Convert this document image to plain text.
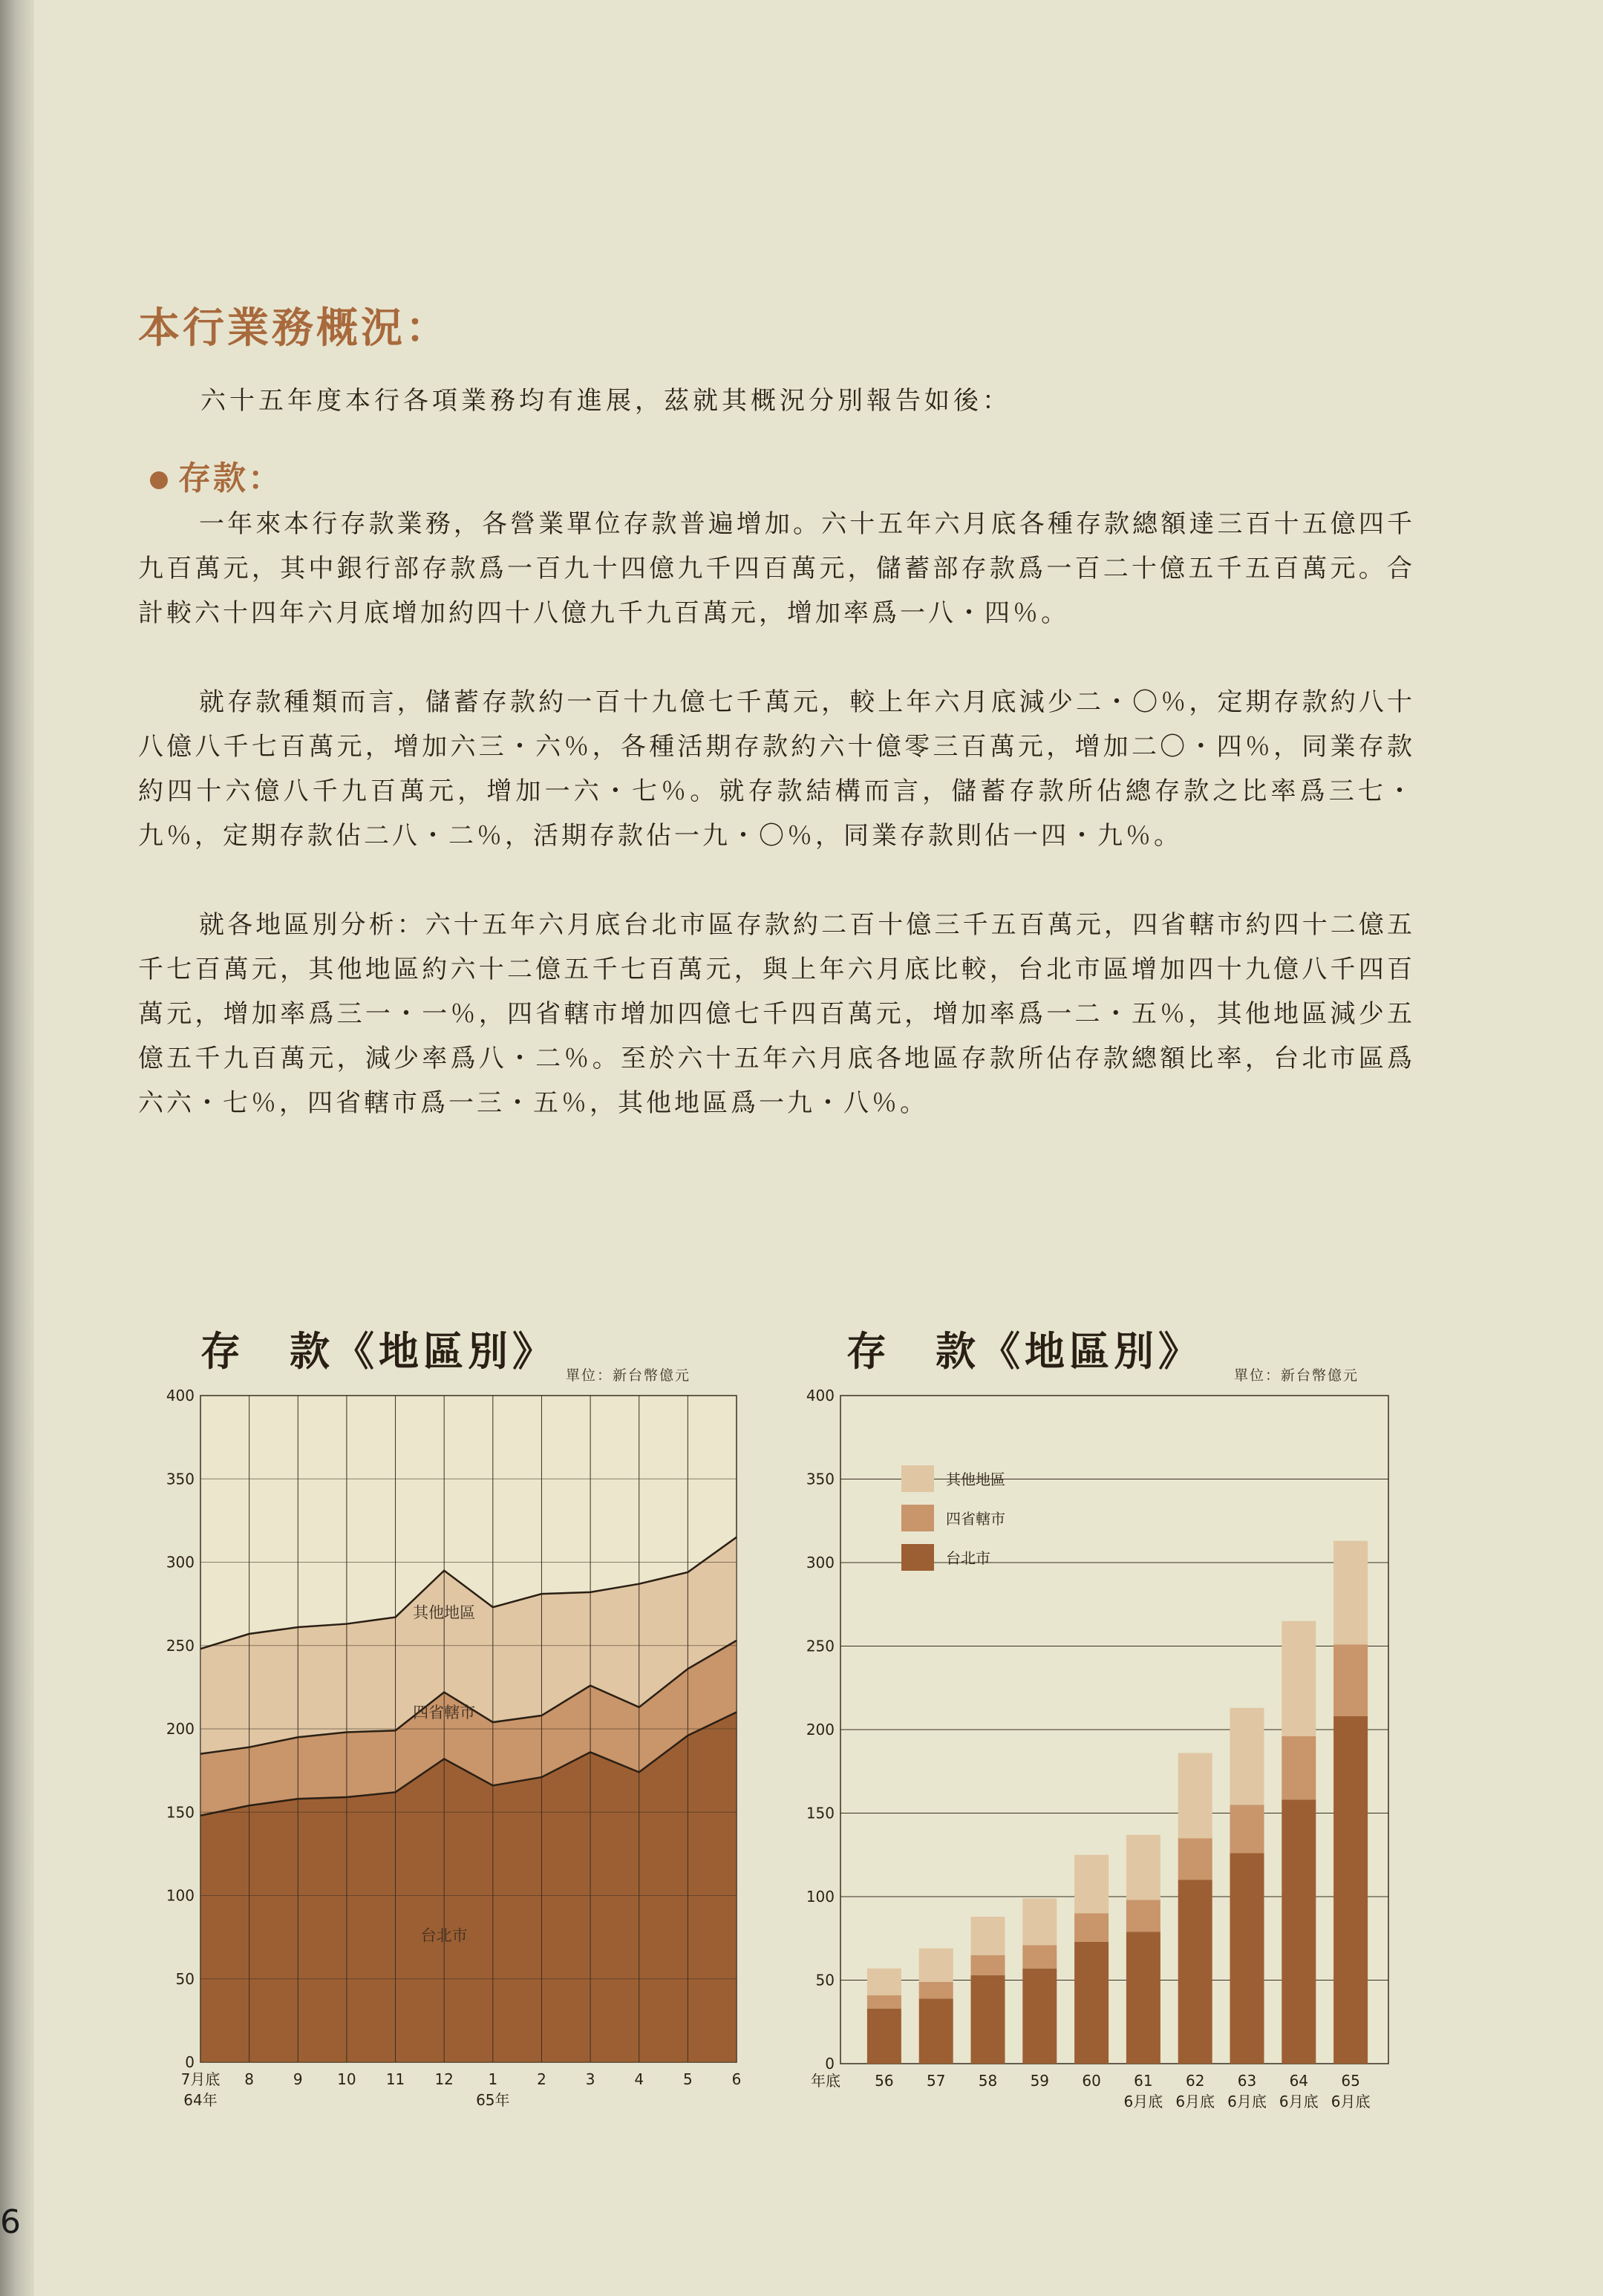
本行業務概況：
六十五年度本行各項業務均有進展，茲就其概況分別報告如後：
存款：

一年來本行存款業務，各營業單位存款普遍增加。六十五年六月底各種存款總額達三百十五億四千九百萬元，其中銀行部存款爲一百九十四億九千四百萬元，儲蓄部存款爲一百二十億五千五百萬元。合計較六十四年六月底增加約四十八億九千九百萬元，增加率爲一八・四％。

就存款種類而言，儲蓄存款約一百十九億七千萬元，較上年六月底減少二・〇％，定期存款約八十八億八千七百萬元，增加六三・六％，各種活期存款約六十億零三百萬元，增加二〇・四％，同業存款約四十六億八千九百萬元，增加一六・七％。就存款結構而言，儲蓄存款所佔總存款之比率爲三七・九％，定期存款佔二八・二％，活期存款佔一九・〇％，同業存款則佔一四・九％。

就各地區別分析：六十五年六月底台北市區存款約二百十億三千五百萬元，四省轄市約四十二億五千七百萬元，其他地區約六十二億五千七百萬元，與上年六月底比較，台北市區增加四十九億八千四百萬元，增加率爲三一・一％，四省轄市增加四億七千四百萬元，增加率爲一二・五％，其他地區減少五億五千九百萬元，減少率爲八・二％。至於六十五年六月底各地區存款所佔存款總額比率，台北市區爲六六・七％，四省轄市爲一三・五％，其他地區爲一九・八％。

存　款《地區別》
單位：新台幣億元
0
50
100
150
200
250
300
350
400
台北市
四省轄市
其他地區
7月底
64年
8	9 10 11 12 1
65年
2	3	4	5	6
存　款《地區別》
單位：新台幣億元
0
50
100
150
200
250
300
350
400
56 57 58 59 60 61
6月底
62
6月底
63
6月底
64
6月底
65
6月底
年底
其他地區
四省轄市
台北市
6
